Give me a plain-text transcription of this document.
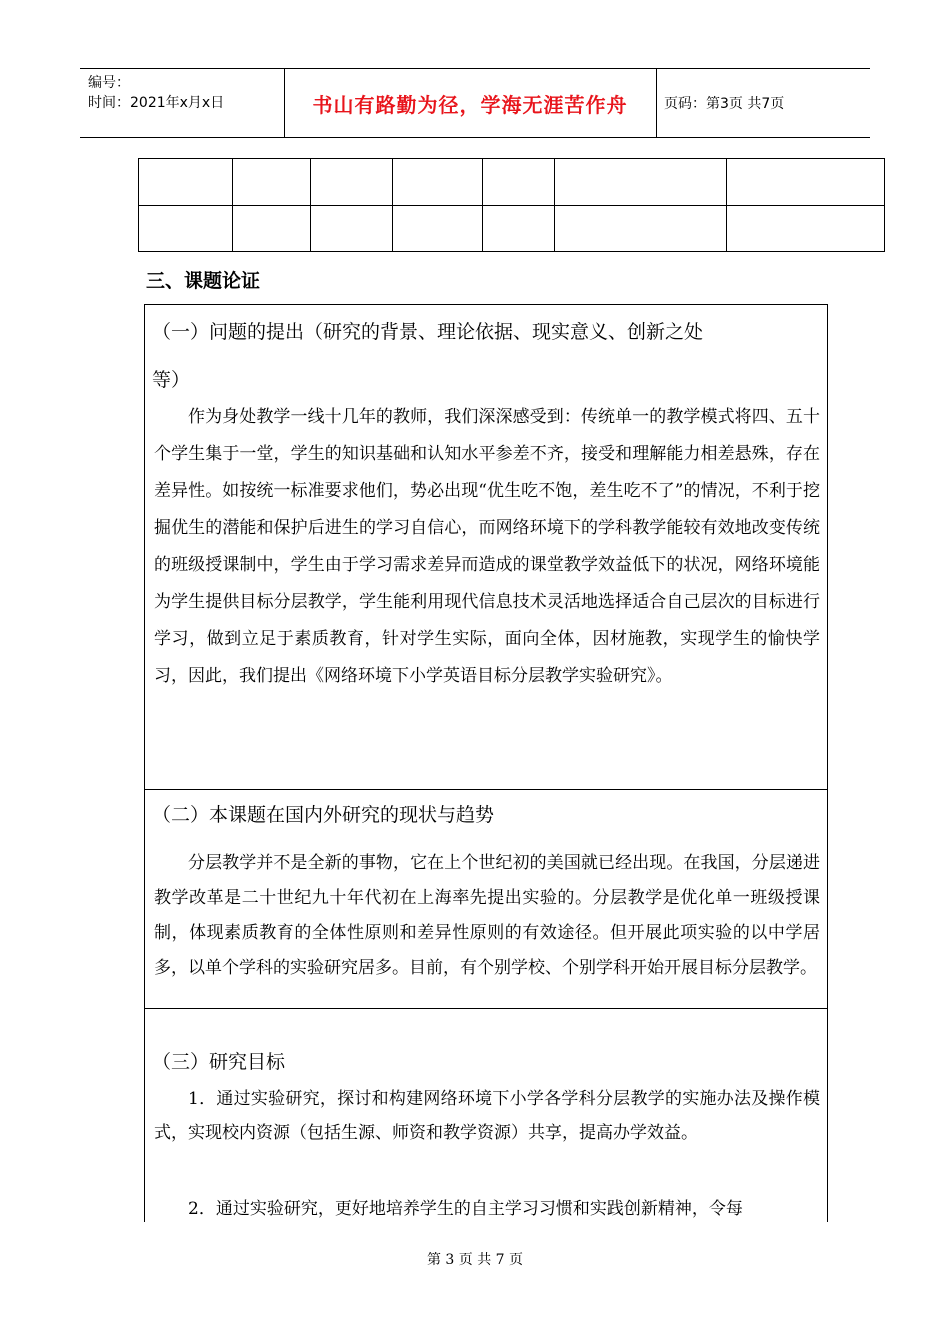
编号：
时间：2021年x月x日	书山有路勤为径，学海无涯苦作舟	页码：第3页 共7页
三、课题论证
（一）问题的提出（研究的背景、理论依据、现实意义、创新之处
等）

作为身处教学一线十几年的教师，我们深深感受到：传统单一的教学模式将四、五十个学生集于一堂，学生的知识基础和认知水平参差不齐，接受和理解能力相差悬殊，存在差异性。如按统一标准要求他们，势必出现“优生吃不饱，差生吃不了”的情况，不利于挖掘优生的潜能和保护后进生的学习自信心，而网络环境下的学科教学能较有效地改变传统的班级授课制中，学生由于学习需求差异而造成的课堂教学效益低下的状况，网络环境能为学生提供目标分层教学，学生能利用现代信息技术灵活地选择适合自己层次的目标进行学习，做到立足于素质教育，针对学生实际，面向全体，因材施教，实现学生的愉快学习，因此，我们提出《网络环境下小学英语目标分层教学实验研究》。

（二）本课题在国内外研究的现状与趋势

分层教学并不是全新的事物，它在上个世纪初的美国就已经出现。在我国，分层递进教学改革是二十世纪九十年代初在上海率先提出实验的。分层教学是优化单一班级授课制，体现素质教育的全体性原则和差异性原则的有效途径。但开展此项实验的以中学居多，以单个学科的实验研究居多。目前，有个别学校、个别学科开始开展目标分层教学。

（三）研究目标

1．通过实验研究，探讨和构建网络环境下小学各学科分层教学的实施办法及操作模式，实现校内资源（包括生源、师资和教学资源）共享，提高办学效益。

2．通过实验研究，更好地培养学生的自主学习习惯和实践创新精神，令每

第 3 页 共 7 页
